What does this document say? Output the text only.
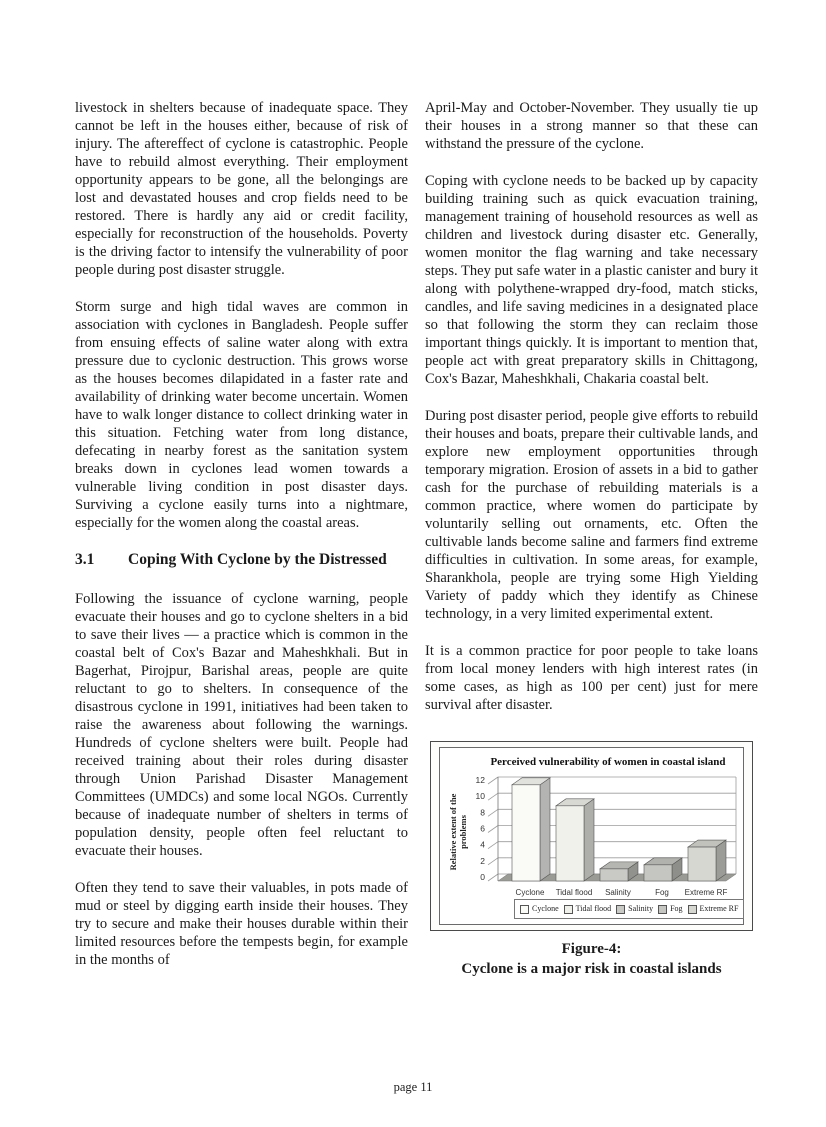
livestock in shelters because of inadequate space. They cannot be left in the houses either, because of risk of injury. The aftereffect of cyclone is catastrophic. People have to rebuild almost everything. Their employment opportunity appears to be gone, all the belongings are lost and devastated houses and crop fields need to be restored. There is hardly any aid or credit facility, especially for reconstruction of the households. Poverty is the driving factor to intensify the vulnerability of poor people during post disaster struggle.

Storm surge and high tidal waves are common in association with cyclones in Bangladesh. People suffer from ensuing effects of saline water along with extra pressure due to cyclonic destruction. This grows worse as the houses becomes dilapidated in a faster rate and availability of drinking water become uncertain. Women have to walk longer distance to collect drinking water in this situation. Fetching water from long distance, defecating in nearby forest as the sanitation system breaks down in cyclones lead women towards a vulnerable living condition in post disaster days. Surviving a cyclone easily turns into a nightmare, especially for the women along the coastal areas.

3.1 Coping With Cyclone by the Distressed

Following the issuance of cyclone warning, people evacuate their houses and go to cyclone shelters in a bid to save their lives — a practice which is common in the coastal belt of Cox's Bazar and Maheshkhali. But in Bagerhat, Pirojpur, Barishal areas, people are quite reluctant to go to shelters. In consequence of the disastrous cyclone in 1991, initiatives had been taken to raise the awareness about following the warnings. Hundreds of cyclone shelters were built. People had received training about their roles during disaster through Union Parishad Disaster Management Committees (UMDCs) and some local NGOs. Currently because of inadequate number of shelters in terms of population density, people often feel reluctant to evacuate their houses.

Often they tend to save their valuables, in pots made of mud or steel by digging earth inside their houses. They try to secure and make their houses durable within their limited resources before the tempests begin, for example in the months of

April-May and October-November. They usually tie up their houses in a strong manner so that these can withstand the pressure of the cyclone.

Coping with cyclone needs to be backed up by capacity building training such as quick evacuation training, management training of household resources as well as children and livestock during disaster etc. Generally, women monitor the flag warning and take necessary steps. They put safe water in a plastic canister and bury it along with polythene-wrapped dry-food, match sticks, candles, and life saving medicines in a designated place so that following the storm they can reclaim those important things quickly. It is important to mention that, people act with great preparatory skills in Chittagong, Cox's Bazar, Maheshkhali, Chakaria coastal belt.

During post disaster period, people give efforts to rebuild their houses and boats, prepare their cultivable lands, and explore new employment opportunities through temporary migration. Erosion of assets in a bid to gather cash for the purchase of rebuilding materials is a common practice, where women do participate by voluntarily selling out ornaments, etc. Often the cultivable lands become saline and farmers find extreme difficulties in cultivation. In some areas, for example, Sharankhola, people are trying some High Yielding Variety of paddy which they identify as Chinese technology, in a very limited experimental extent.

It is a common practice for poor people to take loans from local money lenders with high interest rates (in some cases, as high as 100 per cent) just for mere survival after disaster.

0
2
4
6
8
10
12
Cyclone Tidal flood Salinity	Fog Extreme RF
Perceived vulnerability of women in coastal island
Relative extent of theproblems
Cyclone Tidal flood Salinity Fog Extreme RF
Figure-4:
Cyclone is a major risk in coastal islands
page 11
